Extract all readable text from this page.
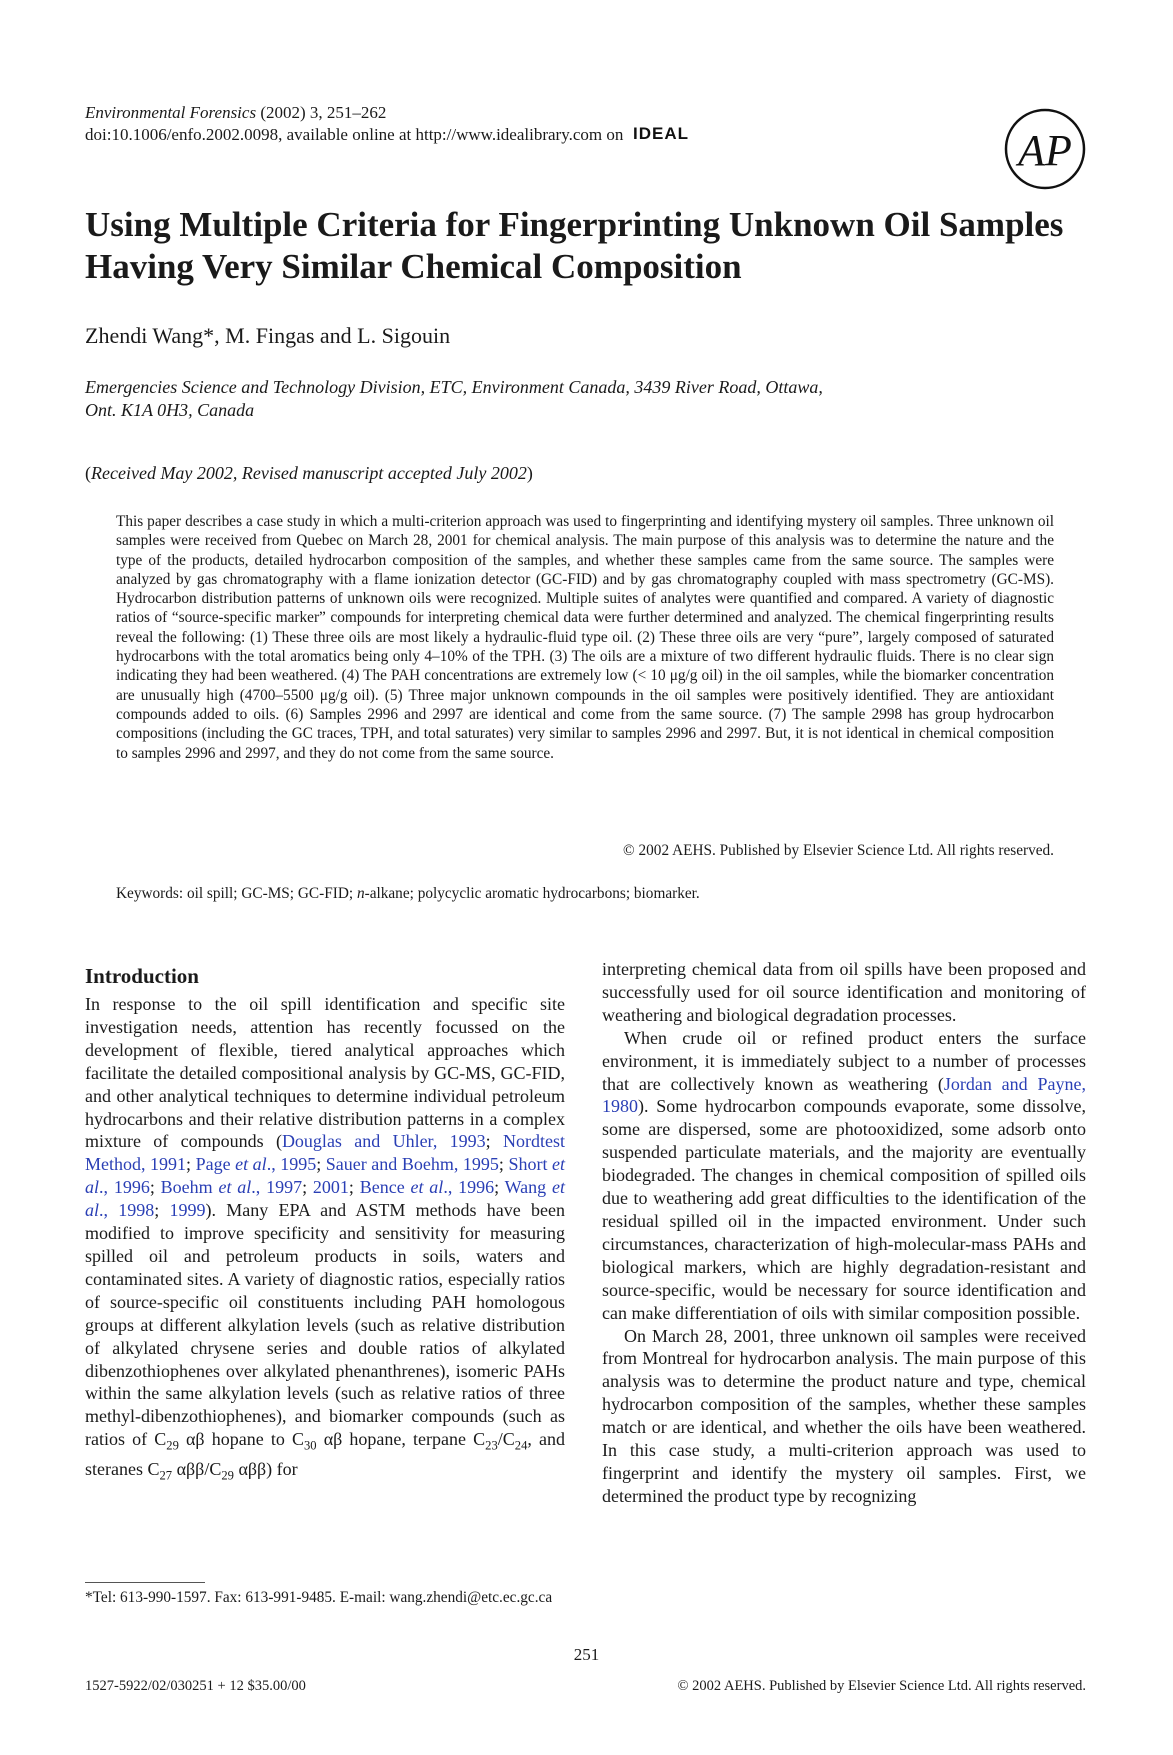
Environmental Forensics (2002) 3, 251–262
doi:10.1006/enfo.2002.0098, available online at http://www.idealibrary.com on IDEAL	AP
Using Multiple Criteria for Fingerprinting Unknown Oil Samples Having Very Similar Chemical Composition
Zhendi Wang*, M. Fingas and L. Sigouin
Emergencies Science and Technology Division, ETC, Environment Canada, 3439 River Road, Ottawa,
Ont. K1A 0H3, Canada
(Received May 2002, Revised manuscript accepted July 2002)
This paper describes a case study in which a multi-criterion approach was used to fingerprinting and identifying mystery oil samples. Three unknown oil samples were received from Quebec on March 28, 2001 for chemical analysis. The main purpose of this analysis was to determine the nature and the type of the products, detailed hydrocarbon composition of the samples, and whether these samples came from the same source. The samples were analyzed by gas chromatography with a flame ionization detector (GC-FID) and by gas chromatography coupled with mass spectrometry (GC-MS). Hydrocarbon distribution patterns of unknown oils were recognized. Multiple suites of analytes were quantified and compared. A variety of diagnostic ratios of “source-specific marker” compounds for interpreting chemical data were further determined and analyzed. The chemical fingerprinting results reveal the following: (1) These three oils are most likely a hydraulic-fluid type oil. (2) These three oils are very “pure”, largely composed of saturated hydrocarbons with the total aromatics being only 4–10% of the TPH. (3) The oils are a mixture of two different hydraulic fluids. There is no clear sign indicating they had been weathered. (4) The PAH concentrations are extremely low (< 10 μg/g oil) in the oil samples, while the biomarker concentration are unusually high (4700–5500 μg/g oil). (5) Three major unknown compounds in the oil samples were positively identified. They are antioxidant compounds added to oils. (6) Samples 2996 and 2997 are identical and come from the same source. (7) The sample 2998 has group hydrocarbon compositions (including the GC traces, TPH, and total saturates) very similar to samples 2996 and 2997. But, it is not identical in chemical composition to samples 2996 and 2997, and they do not come from the same source.
© 2002 AEHS. Published by Elsevier Science Ltd. All rights reserved.
Keywords: oil spill; GC-MS; GC-FID; n-alkane; polycyclic aromatic hydrocarbons; biomarker.
Introduction
In response to the oil spill identification and specific site investigation needs, attention has recently focussed on the development of flexible, tiered analytical approaches which facilitate the detailed compositional analysis by GC-MS, GC-FID, and other analytical techniques to determine individual petroleum hydrocarbons and their relative distribution patterns in a complex mixture of compounds (Douglas and Uhler, 1993; Nordtest Method, 1991; Page et al., 1995; Sauer and Boehm, 1995; Short et al., 1996; Boehm et al., 1997; 2001; Bence et al., 1996; Wang et al., 1998; 1999). Many EPA and ASTM methods have been modified to improve specificity and sensitivity for measuring spilled oil and petroleum products in soils, waters and contaminated sites. A variety of diagnostic ratios, especially ratios of source-specific oil constituents including PAH homologous groups at different alkylation levels (such as relative distribution of alkylated chrysene series and double ratios of alkylated dibenzothiophenes over alkylated phenanthrenes), isomeric PAHs within the same alkylation levels (such as relative ratios of three methyl-dibenzothiophenes), and biomarker compounds (such as ratios of $C_{29}$ αβ hopane to $C_{30}$ αβ hopane, terpane $C_{23}/C_{24}$, and steranes $C_{27}$ αββ/$C_{29}$ αββ) for
interpreting chemical data from oil spills have been proposed and successfully used for oil source identification and monitoring of weathering and biological degradation processes.
When crude oil or refined product enters the surface environment, it is immediately subject to a number of processes that are collectively known as weathering (Jordan and Payne, 1980). Some hydrocarbon compounds evaporate, some dissolve, some are dispersed, some are photooxidized, some adsorb onto suspended particulate materials, and the majority are eventually biodegraded. The changes in chemical composition of spilled oils due to weathering add great difficulties to the identification of the residual spilled oil in the impacted environment. Under such circumstances, characterization of high-molecular-mass PAHs and biological markers, which are highly degradation-resistant and source-specific, would be necessary for source identification and can make differentiation of oils with similar composition possible.
On March 28, 2001, three unknown oil samples were received from Montreal for hydrocarbon analysis. The main purpose of this analysis was to determine the product nature and type, chemical hydrocarbon composition of the samples, whether these samples match or are identical, and whether the oils have been weathered. In this case study, a multi-criterion approach was used to fingerprint and identify the mystery oil samples. First, we determined the product type by recognizing
*Tel: 613-990-1597. Fax: 613-991-9485. E-mail: wang.zhendi@etc.ec.gc.ca
251
1527-5922/02/030251 + 12 $35.00/00	© 2002 AEHS. Published by Elsevier Science Ltd. All rights reserved.
